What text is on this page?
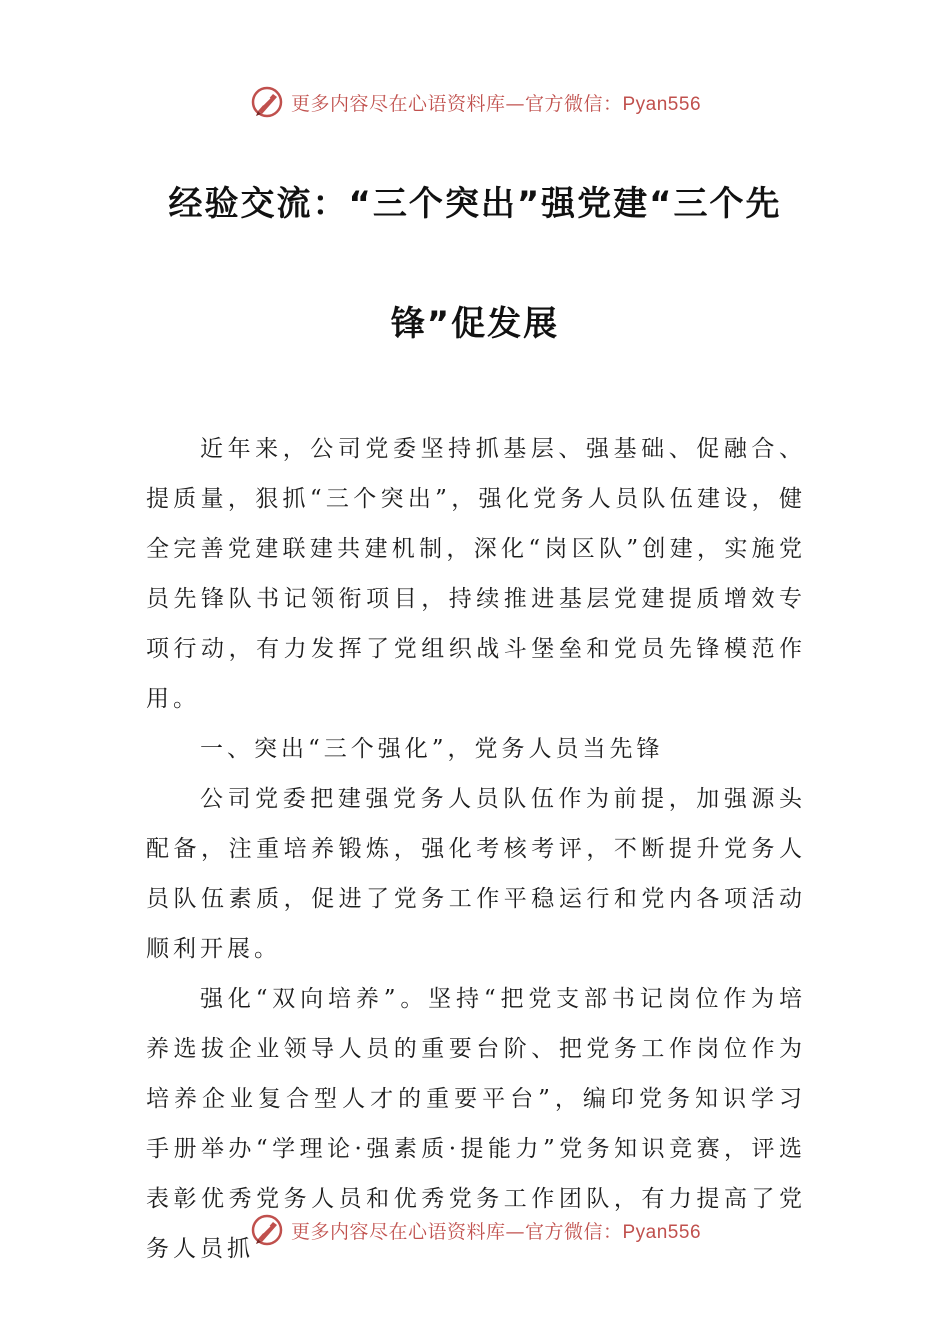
更多内容尽在心语资料库—官方微信：Pyan556
经验交流：“三个突出”强党建“三个先
锋”促发展

近年来，公司党委坚持抓基层、强基础、促融合、提质量，狠抓“三个突出”，强化党务人员队伍建设，健全完善党建联建共建机制，深化“岗区队”创建，实施党员先锋队书记领衔项目，持续推进基层党建提质增效专项行动，有力发挥了党组织战斗堡垒和党员先锋模范作用。

一、突出“三个强化”，党务人员当先锋

公司党委把建强党务人员队伍作为前提，加强源头配备，注重培养锻炼，强化考核考评，不断提升党务人员队伍素质，促进了党务工作平稳运行和党内各项活动顺利开展。

强化“双向培养”。坚持“把党支部书记岗位作为培养选拔企业领导人员的重要台阶、把党务工作岗位作为培养企业复合型人才的重要平台”，编印党务知识学习手册举办“学理论·强素质·提能力”党务知识竞赛，评选表彰优秀党务人员和优秀党务工作团队，有力提高了党务人员抓

更多内容尽在心语资料库—官方微信：Pyan556
